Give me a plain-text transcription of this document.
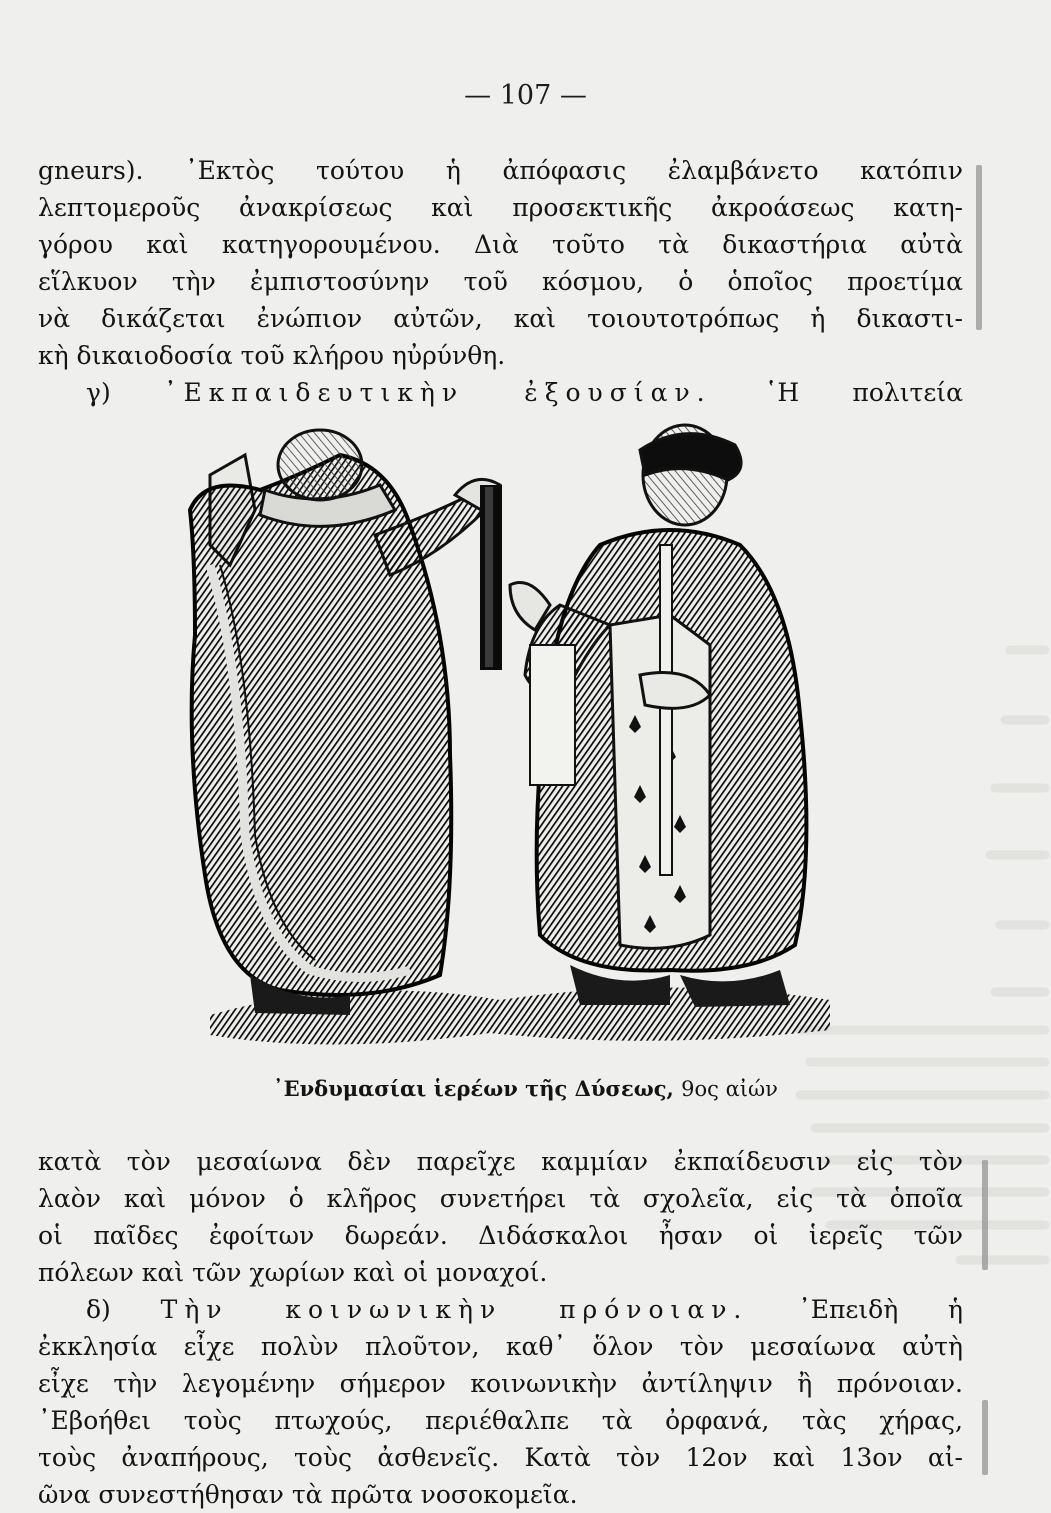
— 107 —
gneurs). ᾿Εκτὸς τούτου ἡ ἀπόφασις ἐλαμβάνετο κατόπιν
λεπτομεροῦς ἀνακρίσεως καὶ προσεκτικῆς ἀκροάσεως κατη-
γόρου καὶ κατηγορουμένου. Διὰ τοῦτο τὰ δικαστήρια αὐτὰ
εἵλκυον τὴν ἐμπιστοσύνην τοῦ κόσμου, ὁ ὁποῖος προετίμα
νὰ δικάζεται ἐνώπιον αὐτῶν, καὶ τοιουτοτρόπως ἡ δικαστι-
κὴ δικαιοδοσία τοῦ κλήρου ηὐρύνθη.
γ) ᾿Εκπαιδευτικὴν ἐξουσίαν. ῾Η πολιτεία
᾿Ενδυμασίαι ἱερέων τῆς Δύσεως, 9ος αἰών
κατὰ τὸν μεσαίωνα δὲν παρεῖχε καμμίαν ἐκπαίδευσιν εἰς τὸν
λαὸν καὶ μόνον ὁ κλῆρος συνετήρει τὰ σχολεῖα, εἰς τὰ ὁποῖα
οἱ παῖδες ἐφοίτων δωρεάν. Διδάσκαλοι ἦσαν οἱ ἱερεῖς τῶν
πόλεων καὶ τῶν χωρίων καὶ οἱ μοναχοί.
δ) Τὴν κοινωνικὴν πρόνοιαν. ᾿Επειδὴ ἡ
ἐκκλησία εἶχε πολὺν πλοῦτον, καθ᾿ ὅλον τὸν μεσαίωνα αὐτὴ
εἶχε τὴν λεγομένην σήμερον κοινωνικὴν ἀντίληψιν ἢ πρόνοιαν.
᾿Εβοήθει τοὺς πτωχούς, περιέθαλπε τὰ ὀρφανά, τὰς χήρας,
τοὺς ἀναπήρους, τοὺς ἀσθενεῖς. Κατὰ τὸν 12ον καὶ 13ον αἰ-
ῶνα συνεστήθησαν τὰ πρῶτα νοσοκομεῖα.
